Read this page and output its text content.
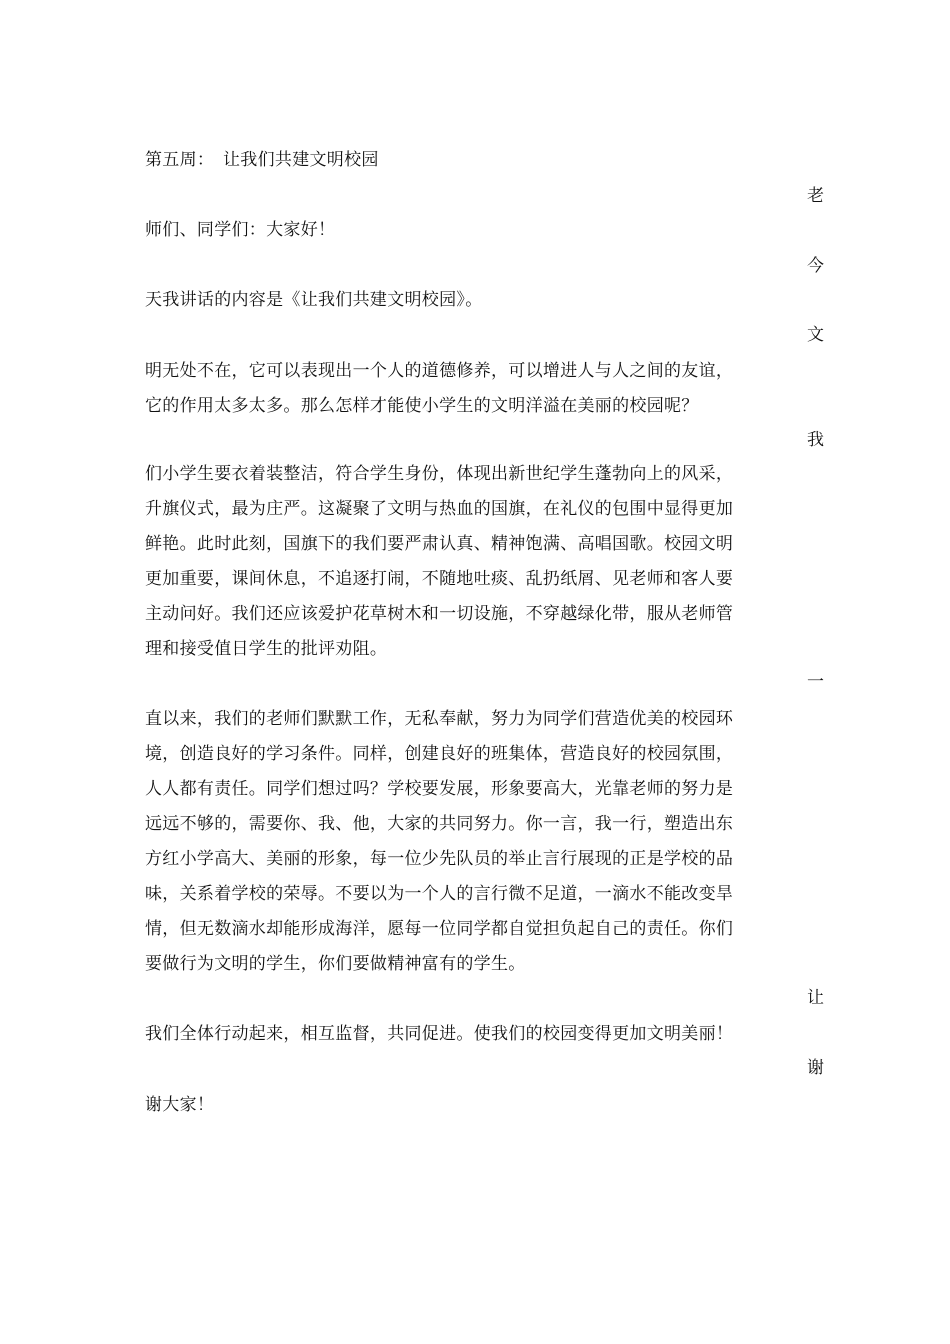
第五周：　让我们共建文明校园
老
师们、同学们：大家好！
今
天我讲话的内容是《让我们共建文明校园》。
文
明无处不在，它可以表现出一个人的道德修养，可以增进人与人之间的友谊，
它的作用太多太多。那么怎样才能使小学生的文明洋溢在美丽的校园呢？
我
们小学生要衣着装整洁，符合学生身份，体现出新世纪学生蓬勃向上的风采，
升旗仪式，最为庄严。这凝聚了文明与热血的国旗，在礼仪的包围中显得更加
鲜艳。此时此刻，国旗下的我们要严肃认真、精神饱满、高唱国歌。校园文明
更加重要，课间休息，不追逐打闹，不随地吐痰、乱扔纸屑、见老师和客人要
主动问好。我们还应该爱护花草树木和一切设施，不穿越绿化带，服从老师管
理和接受值日学生的批评劝阻。
一
直以来，我们的老师们默默工作，无私奉献，努力为同学们营造优美的校园环
境，创造良好的学习条件。同样，创建良好的班集体，营造良好的校园氛围，
人人都有责任。同学们想过吗？学校要发展，形象要高大，光靠老师的努力是
远远不够的，需要你、我、他，大家的共同努力。你一言，我一行，塑造出东
方红小学高大、美丽的形象，每一位少先队员的举止言行展现的正是学校的品
味，关系着学校的荣辱。不要以为一个人的言行微不足道，一滴水不能改变旱
情，但无数滴水却能形成海洋，愿每一位同学都自觉担负起自己的责任。你们
要做行为文明的学生，你们要做精神富有的学生。
让
我们全体行动起来，相互监督，共同促进。使我们的校园变得更加文明美丽！
谢
谢大家！
